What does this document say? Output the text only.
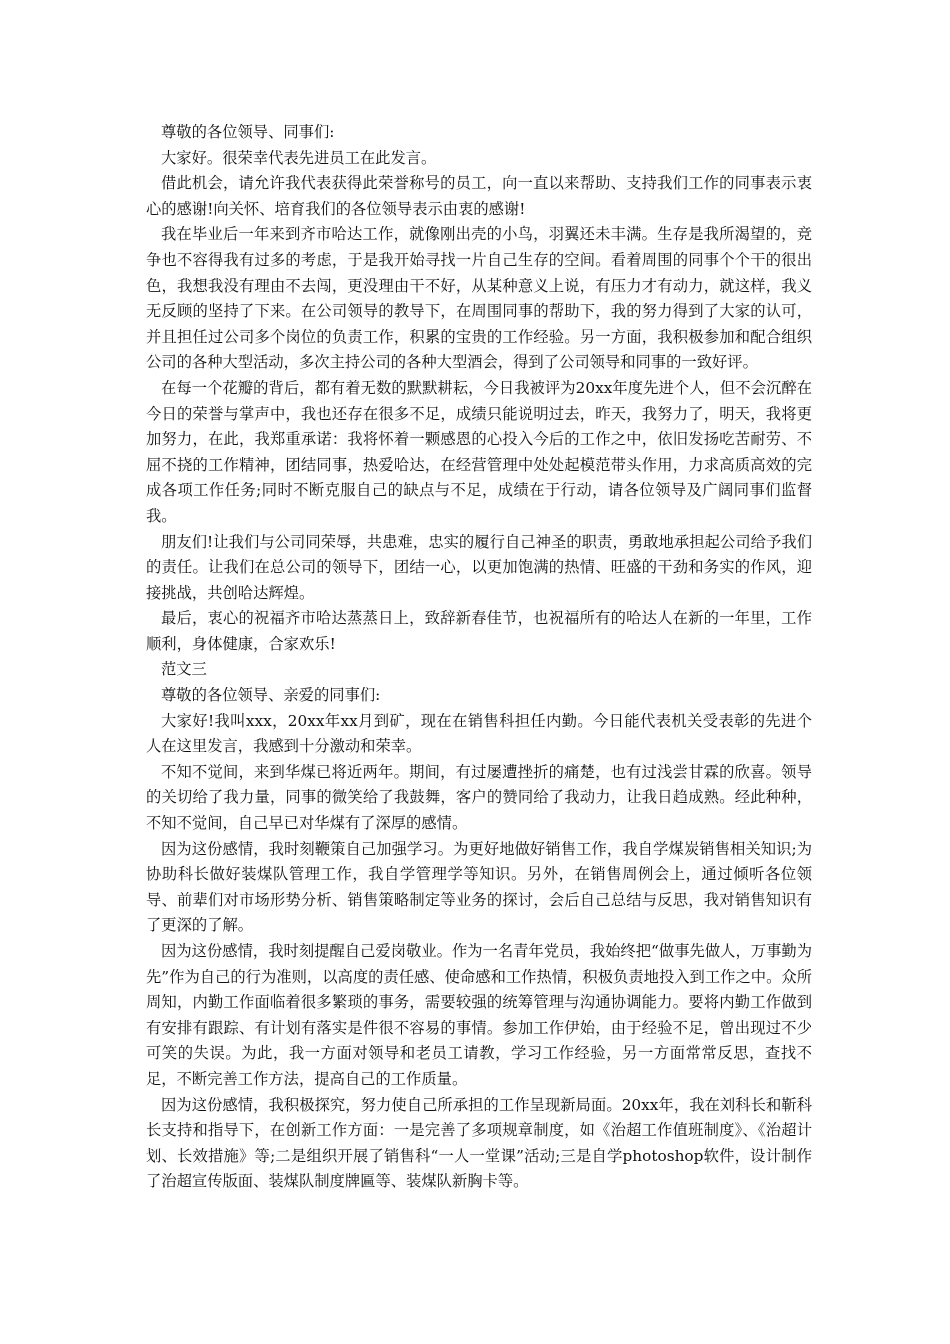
尊敬的各位领导、同事们:

大家好。很荣幸代表先进员工在此发言。

借此机会，请允许我代表获得此荣誉称号的员工，向一直以来帮助、支持我们工作的同事表示衷心的感谢!向关怀、培育我们的各位领导表示由衷的感谢!

我在毕业后一年来到齐市哈达工作，就像刚出壳的小鸟，羽翼还未丰满。生存是我所渴望的，竞争也不容得我有过多的考虑，于是我开始寻找一片自己生存的空间。看着周围的同事个个干的很出色，我想我没有理由不去闯，更没理由干不好，从某种意义上说，有压力才有动力，就这样，我义无反顾的坚持了下来。在公司领导的教导下，在周围同事的帮助下，我的努力得到了大家的认可，并且担任过公司多个岗位的负责工作，积累的宝贵的工作经验。另一方面，我积极参加和配合组织公司的各种大型活动，多次主持公司的各种大型酒会，得到了公司领导和同事的一致好评。

在每一个花瓣的背后，都有着无数的默默耕耘，今日我被评为20xx年度先进个人，但不会沉醉在今日的荣誉与掌声中，我也还存在很多不足，成绩只能说明过去，昨天，我努力了，明天，我将更加努力，在此，我郑重承诺：我将怀着一颗感恩的心投入今后的工作之中，依旧发扬吃苦耐劳、不屈不挠的工作精神，团结同事，热爱哈达，在经营管理中处处起模范带头作用，力求高质高效的完成各项工作任务;同时不断克服自己的缺点与不足，成绩在于行动，请各位领导及广阔同事们监督我。

朋友们!让我们与公司同荣辱，共患难，忠实的履行自己神圣的职责，勇敢地承担起公司给予我们的责任。让我们在总公司的领导下，团结一心，以更加饱满的热情、旺盛的干劲和务实的作风，迎接挑战，共创哈达辉煌。

最后，衷心的祝福齐市哈达蒸蒸日上，致辞新春佳节，也祝福所有的哈达人在新的一年里，工作顺利，身体健康，合家欢乐!

范文三

尊敬的各位领导、亲爱的同事们:

大家好!我叫xxx，20xx年xx月到矿，现在在销售科担任内勤。今日能代表机关受表彰的先进个人在这里发言，我感到十分激动和荣幸。

不知不觉间，来到华煤已将近两年。期间，有过屡遭挫折的痛楚，也有过浅尝甘霖的欣喜。领导的关切给了我力量，同事的微笑给了我鼓舞，客户的赞同给了我动力，让我日趋成熟。经此种种，不知不觉间，自己早已对华煤有了深厚的感情。

因为这份感情，我时刻鞭策自己加强学习。为更好地做好销售工作，我自学煤炭销售相关知识;为协助科长做好装煤队管理工作，我自学管理学等知识。另外，在销售周例会上，通过倾听各位领导、前辈们对市场形势分析、销售策略制定等业务的探讨，会后自己总结与反思，我对销售知识有了更深的了解。

因为这份感情，我时刻提醒自己爱岗敬业。作为一名青年党员，我始终把“做事先做人，万事勤为先”作为自己的行为准则，以高度的责任感、使命感和工作热情，积极负责地投入到工作之中。众所周知，内勤工作面临着很多繁琐的事务，需要较强的统筹管理与沟通协调能力。要将内勤工作做到有安排有跟踪、有计划有落实是件很不容易的事情。参加工作伊始，由于经验不足，曾出现过不少可笑的失误。为此，我一方面对领导和老员工请教，学习工作经验，另一方面常常反思，查找不足，不断完善工作方法，提高自己的工作质量。

因为这份感情，我积极探究，努力使自己所承担的工作呈现新局面。20xx年，我在刘科长和靳科长支持和指导下，在创新工作方面：一是完善了多项规章制度，如《治超工作值班制度》、《治超计划、长效措施》等;二是组织开展了销售科“一人一堂课”活动;三是自学photoshop软件，设计制作了治超宣传版面、装煤队制度牌匾等、装煤队新胸卡等。
